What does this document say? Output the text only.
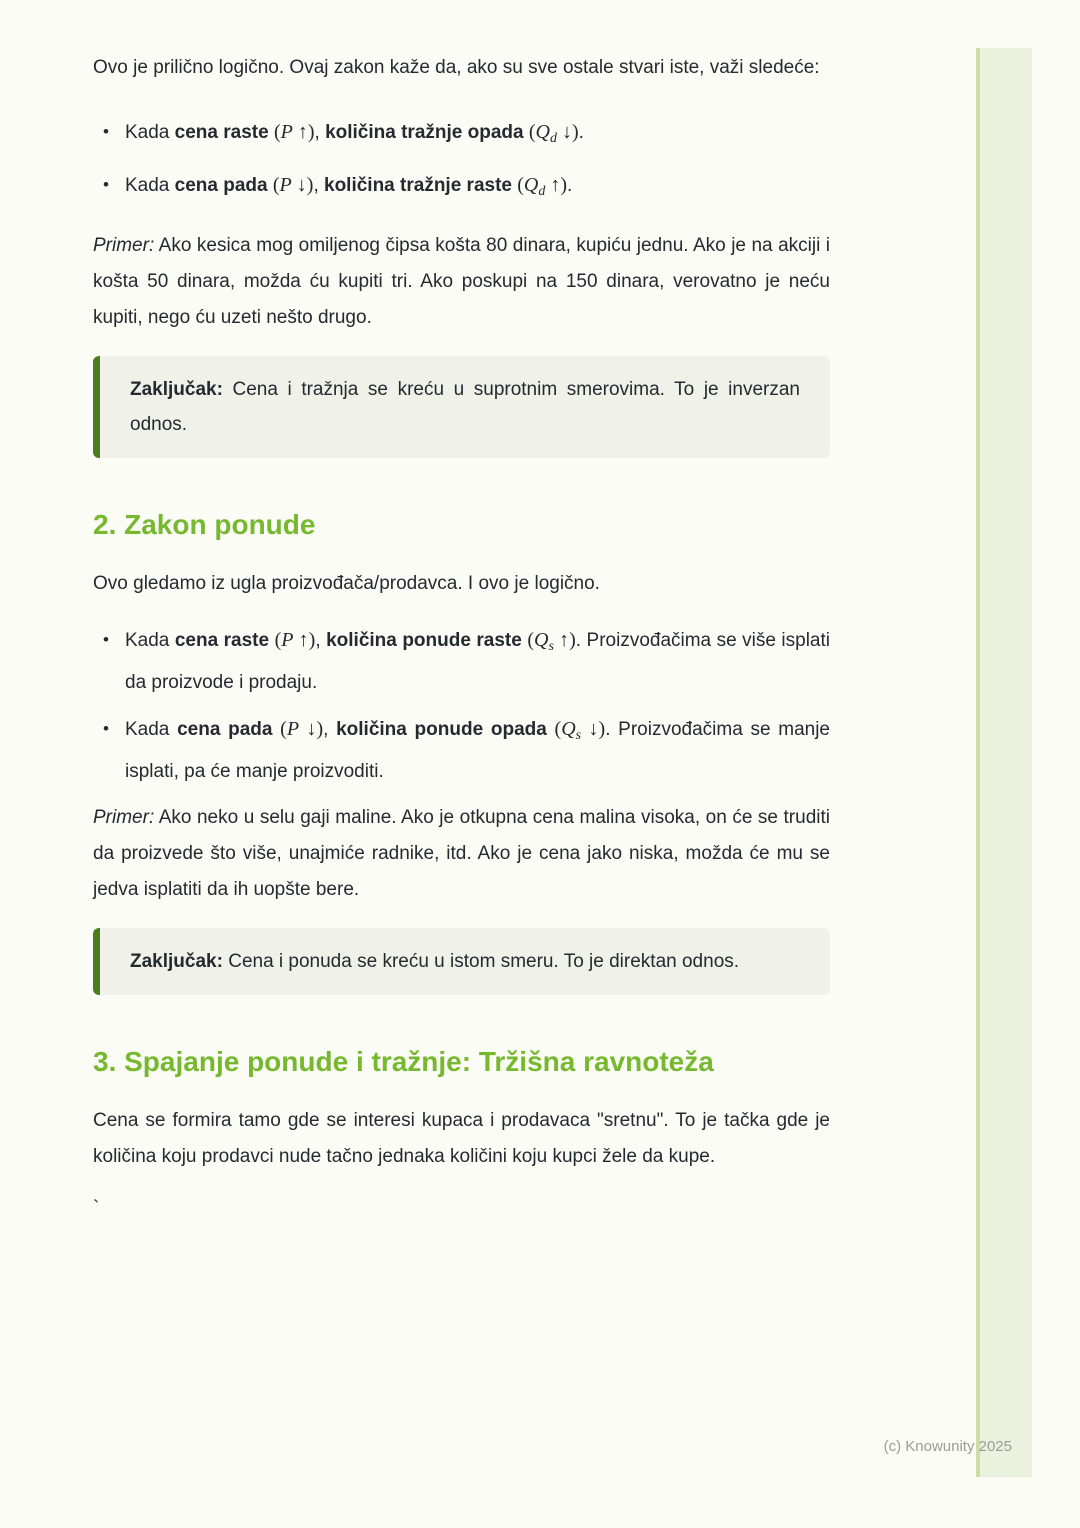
Ovo je prilično logično. Ovaj zakon kaže da, ako su sve ostale stvari iste, važi sledeće:

• Kada cena raste (P ↑), količina tražnje opada ($Q_d$ ↓).
• Kada cena pada (P ↓), količina tražnje raste ($Q_d$ ↑).

Primer: Ako kesica mog omiljenog čipsa košta 80 dinara, kupiću jednu. Ako je na akciji i košta 50 dinara, možda ću kupiti tri. Ako poskupi na 150 dinara, verovatno je neću kupiti, nego ću uzeti nešto drugo.

Zaključak: Cena i tražnja se kreću u suprotnim smerovima. To je inverzan odnos.
2. Zakon ponude

Ovo gledamo iz ugla proizvođača/prodavca. I ovo je logično.

• Kada cena raste (P ↑), količina ponude raste ($Q_s$ ↑). Proizvođačima se više isplati da proizvode i prodaju.
• Kada cena pada (P ↓), količina ponude opada ($Q_s$ ↓). Proizvođačima se manje isplati, pa će manje proizvoditi.

Primer: Ako neko u selu gaji maline. Ako je otkupna cena malina visoka, on će se truditi da proizvede što više, unajmiće radnike, itd. Ako je cena jako niska, možda će mu se jedva isplatiti da ih uopšte bere.

Zaključak: Cena i ponuda se kreću u istom smeru. To je direktan odnos.
3. Spajanje ponude i tražnje: Tržišna ravnoteža

Cena se formira tamo gde se interesi kupaca i prodavaca "sretnu". To je tačka gde je količina koju prodavci nude tačno jednaka količini koju kupci žele da kupe.

`

(c) Knowunity 2025
